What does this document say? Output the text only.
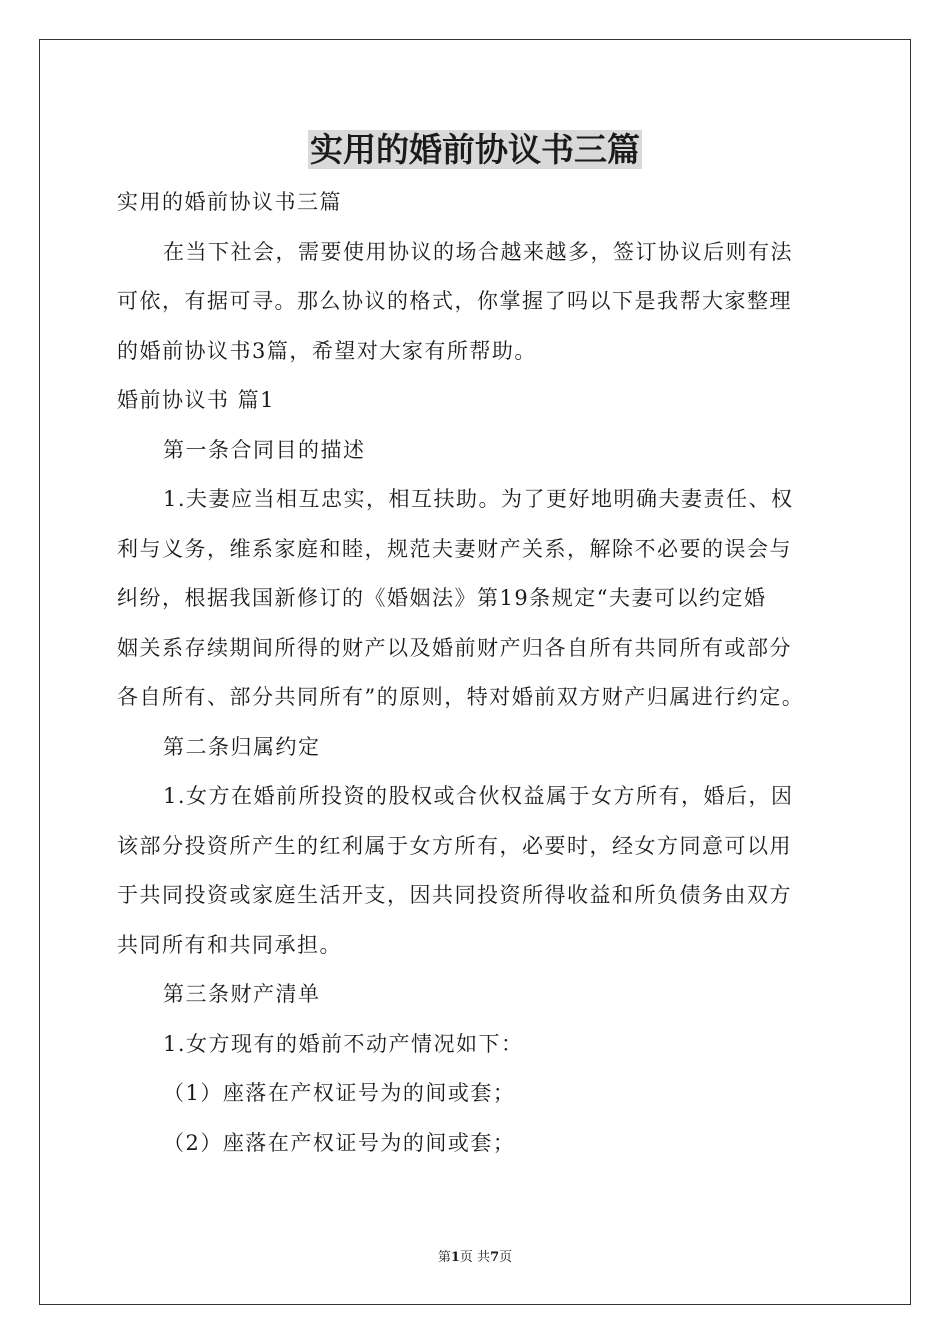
实用的婚前协议书三篇

实用的婚前协议书三篇

在当下社会，需要使用协议的场合越来越多，签订协议后则有法

可依，有据可寻。那么协议的格式，你掌握了吗以下是我帮大家整理

的婚前协议书3篇，希望对大家有所帮助。

婚前协议书 篇1

第一条合同目的描述

1.夫妻应当相互忠实，相互扶助。为了更好地明确夫妻责任、权

利与义务，维系家庭和睦，规范夫妻财产关系，解除不必要的误会与

纠纷，根据我国新修订的《婚姻法》第19条规定“夫妻可以约定婚

姻关系存续期间所得的财产以及婚前财产归各自所有共同所有或部分

各自所有、部分共同所有”的原则，特对婚前双方财产归属进行约定。

第二条归属约定

1.女方在婚前所投资的股权或合伙权益属于女方所有，婚后，因

该部分投资所产生的红利属于女方所有，必要时，经女方同意可以用

于共同投资或家庭生活开支，因共同投资所得收益和所负债务由双方

共同所有和共同承担。

第三条财产清单

1.女方现有的婚前不动产情况如下：

（1）座落在产权证号为的间或套；

（2）座落在产权证号为的间或套；

第1页 共7页
